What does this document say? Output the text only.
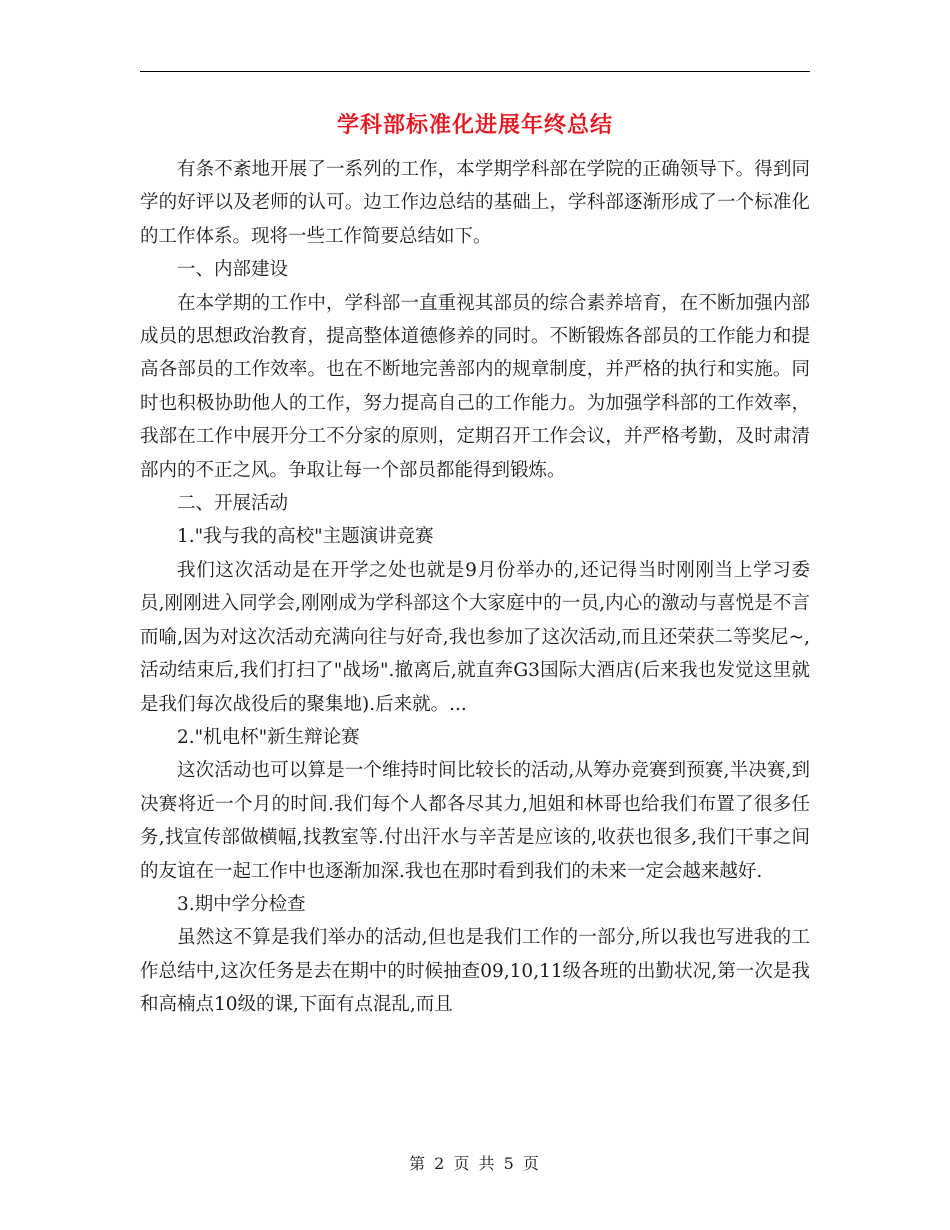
学科部标准化进展年终总结

有条不紊地开展了一系列的工作，本学期学科部在学院的正确领导下。得到同学的好评以及老师的认可。边工作边总结的基础上，学科部逐渐形成了一个标准化的工作体系。现将一些工作简要总结如下。

一、内部建设

在本学期的工作中，学科部一直重视其部员的综合素养培育，在不断加强内部成员的思想政治教育，提高整体道德修养的同时。不断锻炼各部员的工作能力和提高各部员的工作效率。也在不断地完善部内的规章制度，并严格的执行和实施。同时也积极协助他人的工作，努力提高自己的工作能力。为加强学科部的工作效率，我部在工作中展开分工不分家的原则，定期召开工作会议，并严格考勤，及时肃清部内的不正之风。争取让每一个部员都能得到锻炼。

二、开展活动

1."我与我的高校"主题演讲竞赛

我们这次活动是在开学之处也就是9月份举办的,还记得当时刚刚当上学习委员,刚刚进入同学会,刚刚成为学科部这个大家庭中的一员,内心的激动与喜悦是不言而喻,因为对这次活动充满向往与好奇,我也参加了这次活动,而且还荣获二等奖尼~,活动结束后,我们打扫了"战场".撤离后,就直奔G3国际大酒店(后来我也发觉这里就是我们每次战役后的聚集地).后来就。...

2."机电杯"新生辩论赛

这次活动也可以算是一个维持时间比较长的活动,从筹办竞赛到预赛,半决赛,到决赛将近一个月的时间.我们每个人都各尽其力,旭姐和林哥也给我们布置了很多任务,找宣传部做横幅,找教室等.付出汗水与辛苦是应该的,收获也很多,我们干事之间的友谊在一起工作中也逐渐加深.我也在那时看到我们的未来一定会越来越好.

3.期中学分检查

虽然这不算是我们举办的活动,但也是我们工作的一部分,所以我也写进我的工作总结中,这次任务是去在期中的时候抽查09,10,11级各班的出勤状况,第一次是我和高楠点10级的课,下面有点混乱,而且

第 2 页 共 5 页
